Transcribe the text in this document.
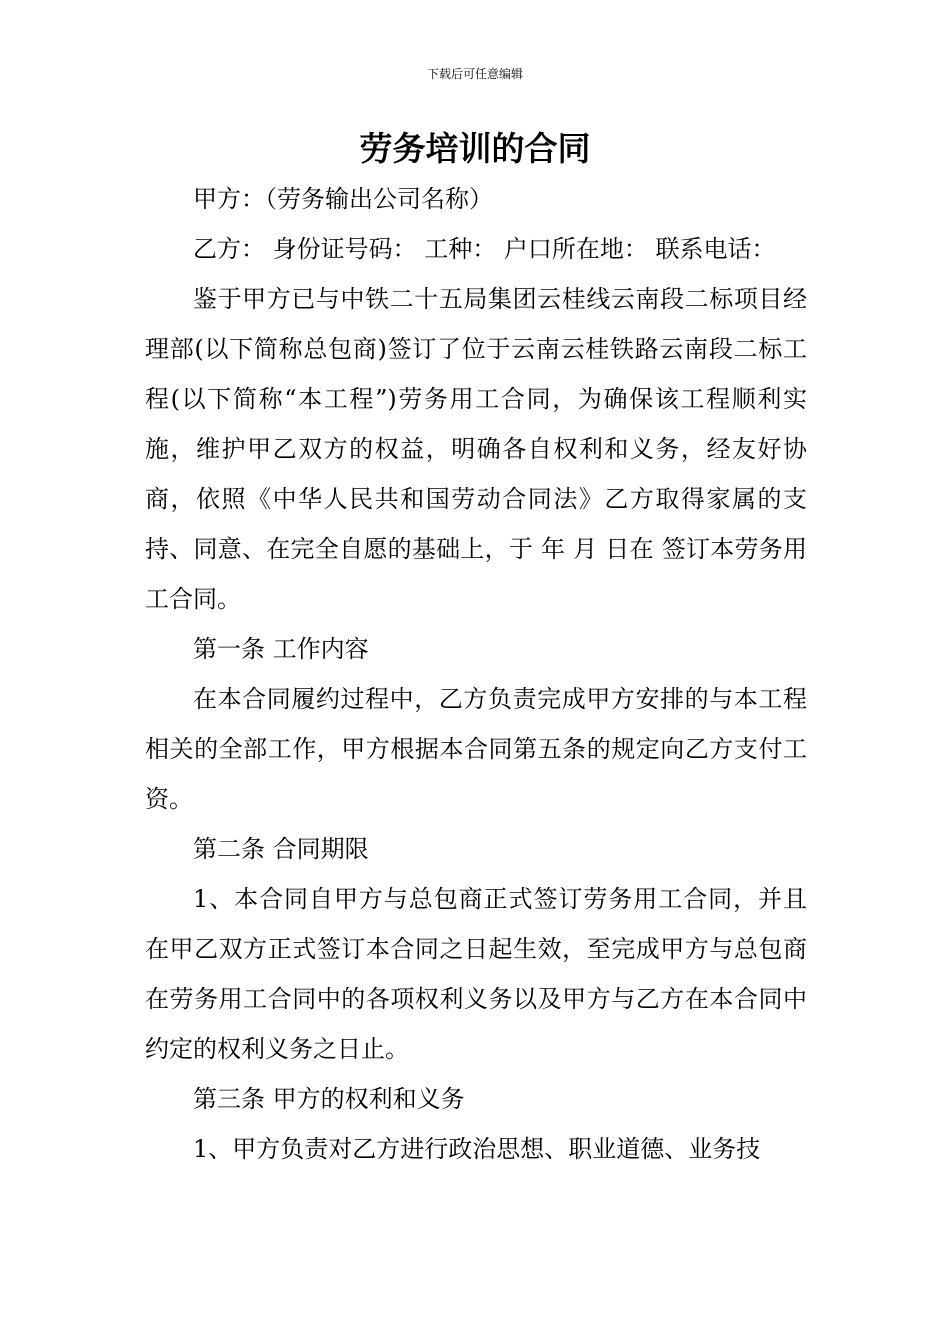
下载后可任意编辑
劳务培训的合同

甲方：（劳务输出公司名称）

乙方： 身份证号码： 工种： 户口所在地： 联系电话：

鉴于甲方已与中铁二十五局集团云桂线云南段二标项目经理部(以下简称总包商)签订了位于云南云桂铁路云南段二标工程(以下简称“本工程”)劳务用工合同，为确保该工程顺利实施，维护甲乙双方的权益，明确各自权利和义务，经友好协商，依照《中华人民共和国劳动合同法》乙方取得家属的支持、同意、在完全自愿的基础上，于 年 月 日在 签订本劳务用工合同。

第一条 工作内容

在本合同履约过程中，乙方负责完成甲方安排的与本工程相关的全部工作，甲方根据本合同第五条的规定向乙方支付工资。

第二条 合同期限

1、本合同自甲方与总包商正式签订劳务用工合同，并且在甲乙双方正式签订本合同之日起生效，至完成甲方与总包商在劳务用工合同中的各项权利义务以及甲方与乙方在本合同中约定的权利义务之日止。

第三条 甲方的权利和义务

1、甲方负责对乙方进行政治思想、职业道德、业务技
